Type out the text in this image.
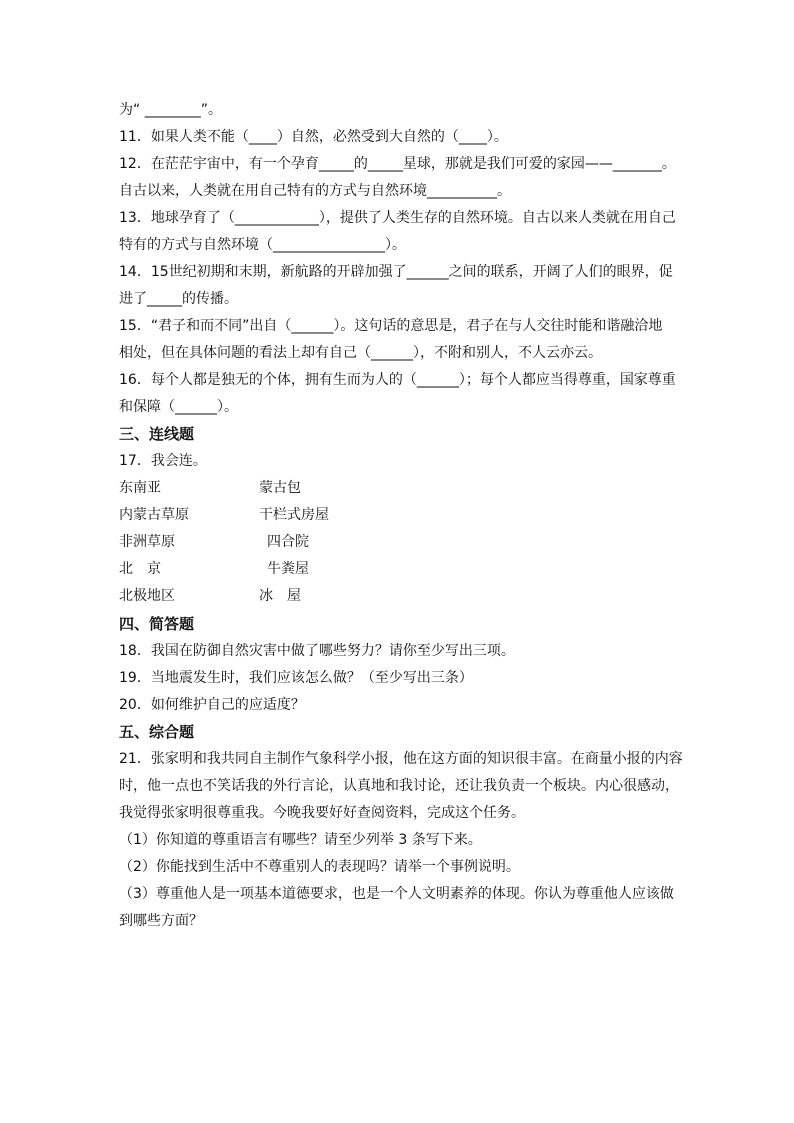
为“ ________”。
11．如果人类不能（____）自然，必然受到大自然的（____）。
12．在茫茫宇宙中，有一个孕育_____的_____星球，那就是我们可爱的家园——_______。
自古以来，人类就在用自己特有的方式与自然环境__________。
13．地球孕育了（____________），提供了人类生存的自然环境。自古以来人类就在用自己
特有的方式与自然环境（________________）。
14．15世纪初期和末期，新航路的开辟加强了______之间的联系，开阔了人们的眼界，促
进了_____的传播。
15．“君子和而不同”出自（______）。这句话的意思是，君子在与人交往时能和谐融洽地
相处，但在具体问题的看法上却有自己（______），不附和别人，不人云亦云。
16．每个人都是独无的个体，拥有生而为人的（______）；每个人都应当得尊重，国家尊重
和保障（______）。
三、连线题
17．我会连。
东南亚
内蒙古草原
非洲草原
北　京
北极地区
蒙古包
干栏式房屋
四合院
牛粪屋
冰　屋
四、简答题
18．我国在防御自然灾害中做了哪些努力？请你至少写出三项。
19．当地震发生时，我们应该怎么做？（至少写出三条）
20．如何维护自己的应适度？
五、综合题
21．张家明和我共同自主制作气象科学小报，他在这方面的知识很丰富。在商量小报的内容
时，他一点也不笑话我的外行言论，认真地和我讨论，还让我负责一个板块。内心很感动，
我觉得张家明很尊重我。今晚我要好好查阅资料，完成这个任务。
（1）你知道的尊重语言有哪些？请至少列举 3 条写下来。
（2）你能找到生活中不尊重别人的表现吗？请举一个事例说明。
（3）尊重他人是一项基本道德要求，也是一个人文明素养的体现。你认为尊重他人应该做
到哪些方面？
